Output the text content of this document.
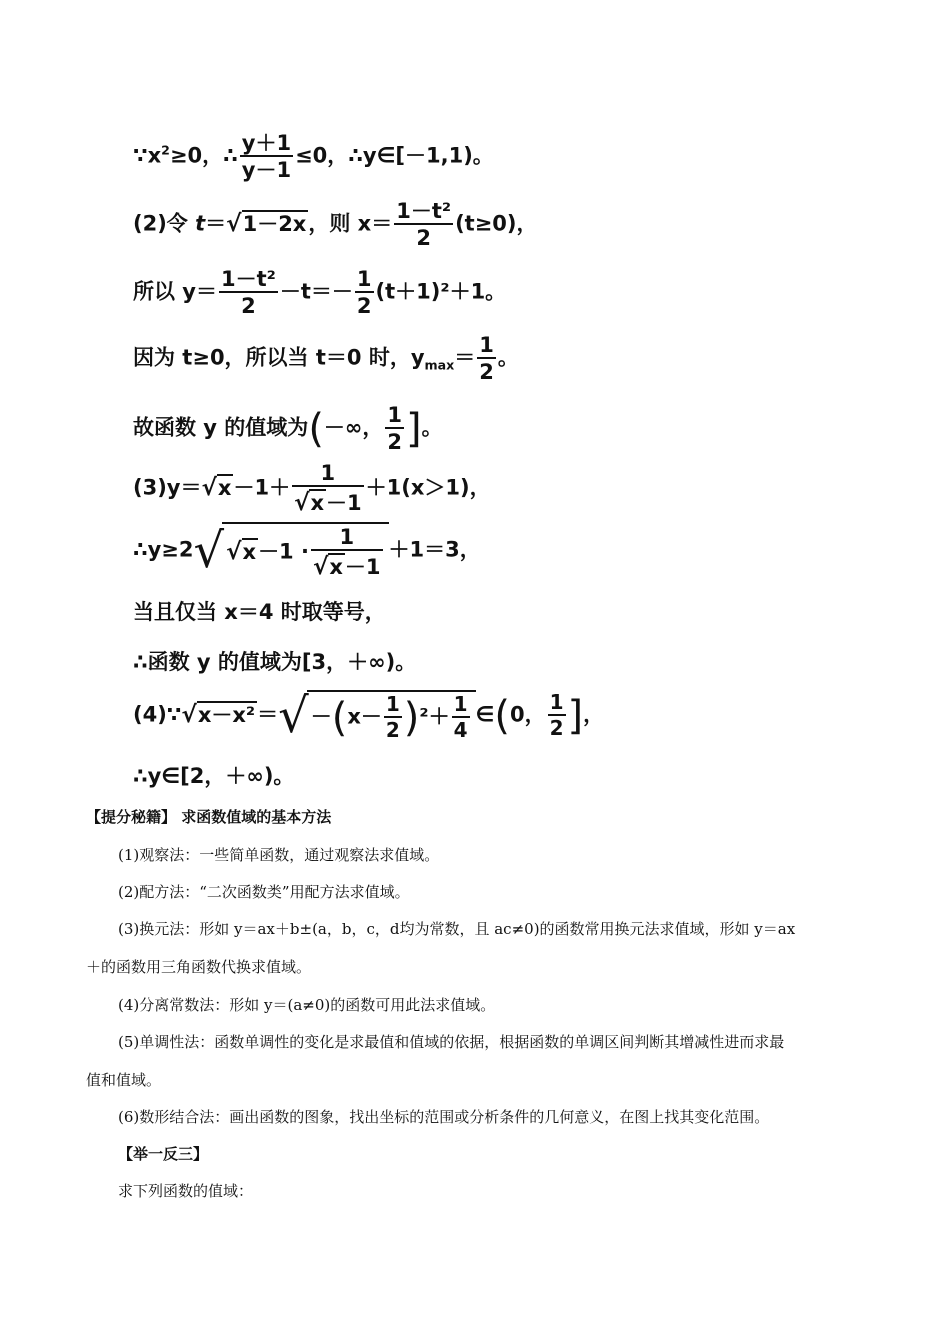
$\because x^2\ge 0$，∴ $\frac{y+1}{y-1} \le 0$，∴y∈[－1,1)。
(2)令 t＝√1－2x，则 $x= \frac{\text{1－t²}}{2} (t\ge 0)$，
所以 $y= \frac{\text{1－t²}}{2} -t=- \frac{1}{2} (t+1)^2+1$。
因为 t≥0，所以当 t＝0 时，$y_{max}= \frac{1}{2}$ 。
故函数 y 的值域为(－∞， $\frac{1}{2}$ ]。
$(3)y=√x-1+ \frac{1}{√x-1} +1(x>1)$，
∴y≥2√√x－1 · $\frac{1}{√x-1} +1=3$，
当且仅当 x＝4 时取等号，
∴函数 y 的值域为[3，＋∞)。
(4)∵√x－x²＝√－(x－ $\frac{1}{2} )^2+ \frac{1}{4}$ ∈(0， $\frac{1}{2}$ ]，
∴y∈[2，＋∞)。
【提分秘籍】 求函数值域的基本方法
(1)观察法：一些简单函数，通过观察法求值域。
(2)配方法：“二次函数类”用配方法求值域。
(3)换元法：形如 y＝ax＋b±(a，b，c，d均为常数，且 ac≠0)的函数常用换元法求值域，形如 y＝ax
＋的函数用三角函数代换求值域。
(4)分离常数法：形如 y＝(a≠0)的函数可用此法求值域。
(5)单调性法：函数单调性的变化是求最值和值域的依据，根据函数的单调区间判断其增减性进而求最
值和值域。
(6)数形结合法：画出函数的图象，找出坐标的范围或分析条件的几何意义，在图上找其变化范围。
【举一反三】
求下列函数的值域：
